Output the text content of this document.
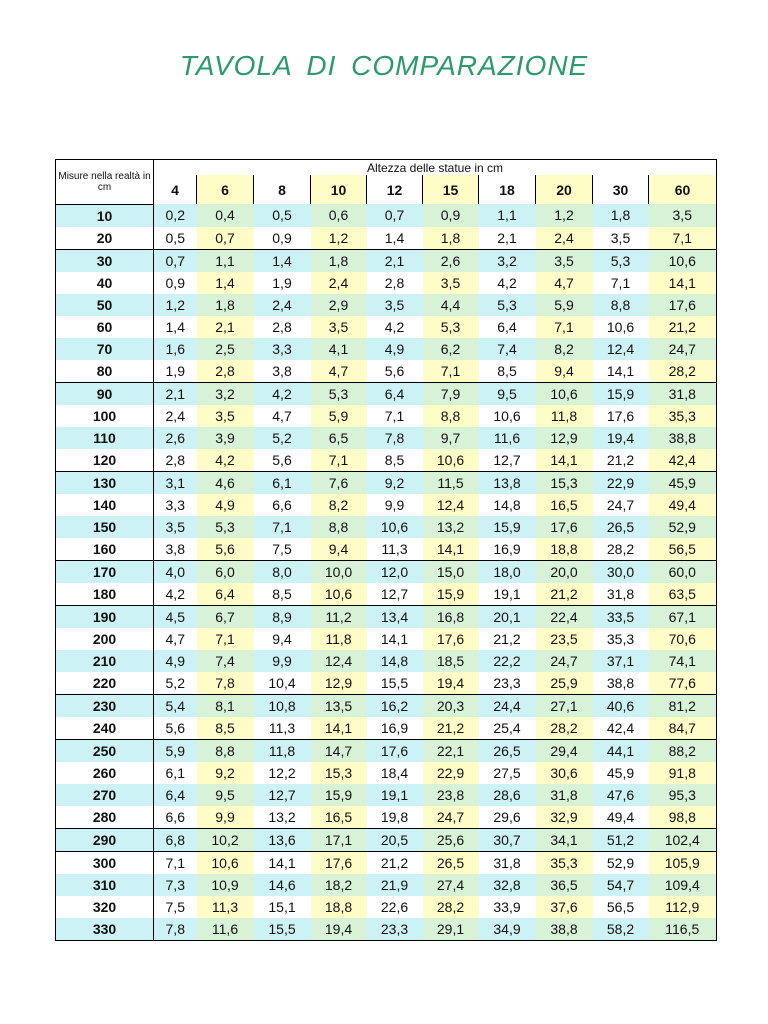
TAVOLA DI COMPARAZIONE
Misure nella realtà in cm	Altezza delle statue in cm									
	4	6	8	10	12	15	18	20	30	60
10	0,2	0,4	0,5	0,6	0,7	0,9	1,1	1,2	1,8	3,5
20	0,5	0,7	0,9	1,2	1,4	1,8	2,1	2,4	3,5	7,1
30	0,7	1,1	1,4	1,8	2,1	2,6	3,2	3,5	5,3	10,6
40	0,9	1,4	1,9	2,4	2,8	3,5	4,2	4,7	7,1	14,1
50	1,2	1,8	2,4	2,9	3,5	4,4	5,3	5,9	8,8	17,6
60	1,4	2,1	2,8	3,5	4,2	5,3	6,4	7,1	10,6	21,2
70	1,6	2,5	3,3	4,1	4,9	6,2	7,4	8,2	12,4	24,7
80	1,9	2,8	3,8	4,7	5,6	7,1	8,5	9,4	14,1	28,2
90	2,1	3,2	4,2	5,3	6,4	7,9	9,5	10,6	15,9	31,8
100	2,4	3,5	4,7	5,9	7,1	8,8	10,6	11,8	17,6	35,3
110	2,6	3,9	5,2	6,5	7,8	9,7	11,6	12,9	19,4	38,8
120	2,8	4,2	5,6	7,1	8,5	10,6	12,7	14,1	21,2	42,4
130	3,1	4,6	6,1	7,6	9,2	11,5	13,8	15,3	22,9	45,9
140	3,3	4,9	6,6	8,2	9,9	12,4	14,8	16,5	24,7	49,4
150	3,5	5,3	7,1	8,8	10,6	13,2	15,9	17,6	26,5	52,9
160	3,8	5,6	7,5	9,4	11,3	14,1	16,9	18,8	28,2	56,5
170	4,0	6,0	8,0	10,0	12,0	15,0	18,0	20,0	30,0	60,0
180	4,2	6,4	8,5	10,6	12,7	15,9	19,1	21,2	31,8	63,5
190	4,5	6,7	8,9	11,2	13,4	16,8	20,1	22,4	33,5	67,1
200	4,7	7,1	9,4	11,8	14,1	17,6	21,2	23,5	35,3	70,6
210	4,9	7,4	9,9	12,4	14,8	18,5	22,2	24,7	37,1	74,1
220	5,2	7,8	10,4	12,9	15,5	19,4	23,3	25,9	38,8	77,6
230	5,4	8,1	10,8	13,5	16,2	20,3	24,4	27,1	40,6	81,2
240	5,6	8,5	11,3	14,1	16,9	21,2	25,4	28,2	42,4	84,7
250	5,9	8,8	11,8	14,7	17,6	22,1	26,5	29,4	44,1	88,2
260	6,1	9,2	12,2	15,3	18,4	22,9	27,5	30,6	45,9	91,8
270	6,4	9,5	12,7	15,9	19,1	23,8	28,6	31,8	47,6	95,3
280	6,6	9,9	13,2	16,5	19,8	24,7	29,6	32,9	49,4	98,8
290	6,8	10,2	13,6	17,1	20,5	25,6	30,7	34,1	51,2	102,4
300	7,1	10,6	14,1	17,6	21,2	26,5	31,8	35,3	52,9	105,9
310	7,3	10,9	14,6	18,2	21,9	27,4	32,8	36,5	54,7	109,4
320	7,5	11,3	15,1	18,8	22,6	28,2	33,9	37,6	56,5	112,9
330	7,8	11,6	15,5	19,4	23,3	29,1	34,9	38,8	58,2	116,5
